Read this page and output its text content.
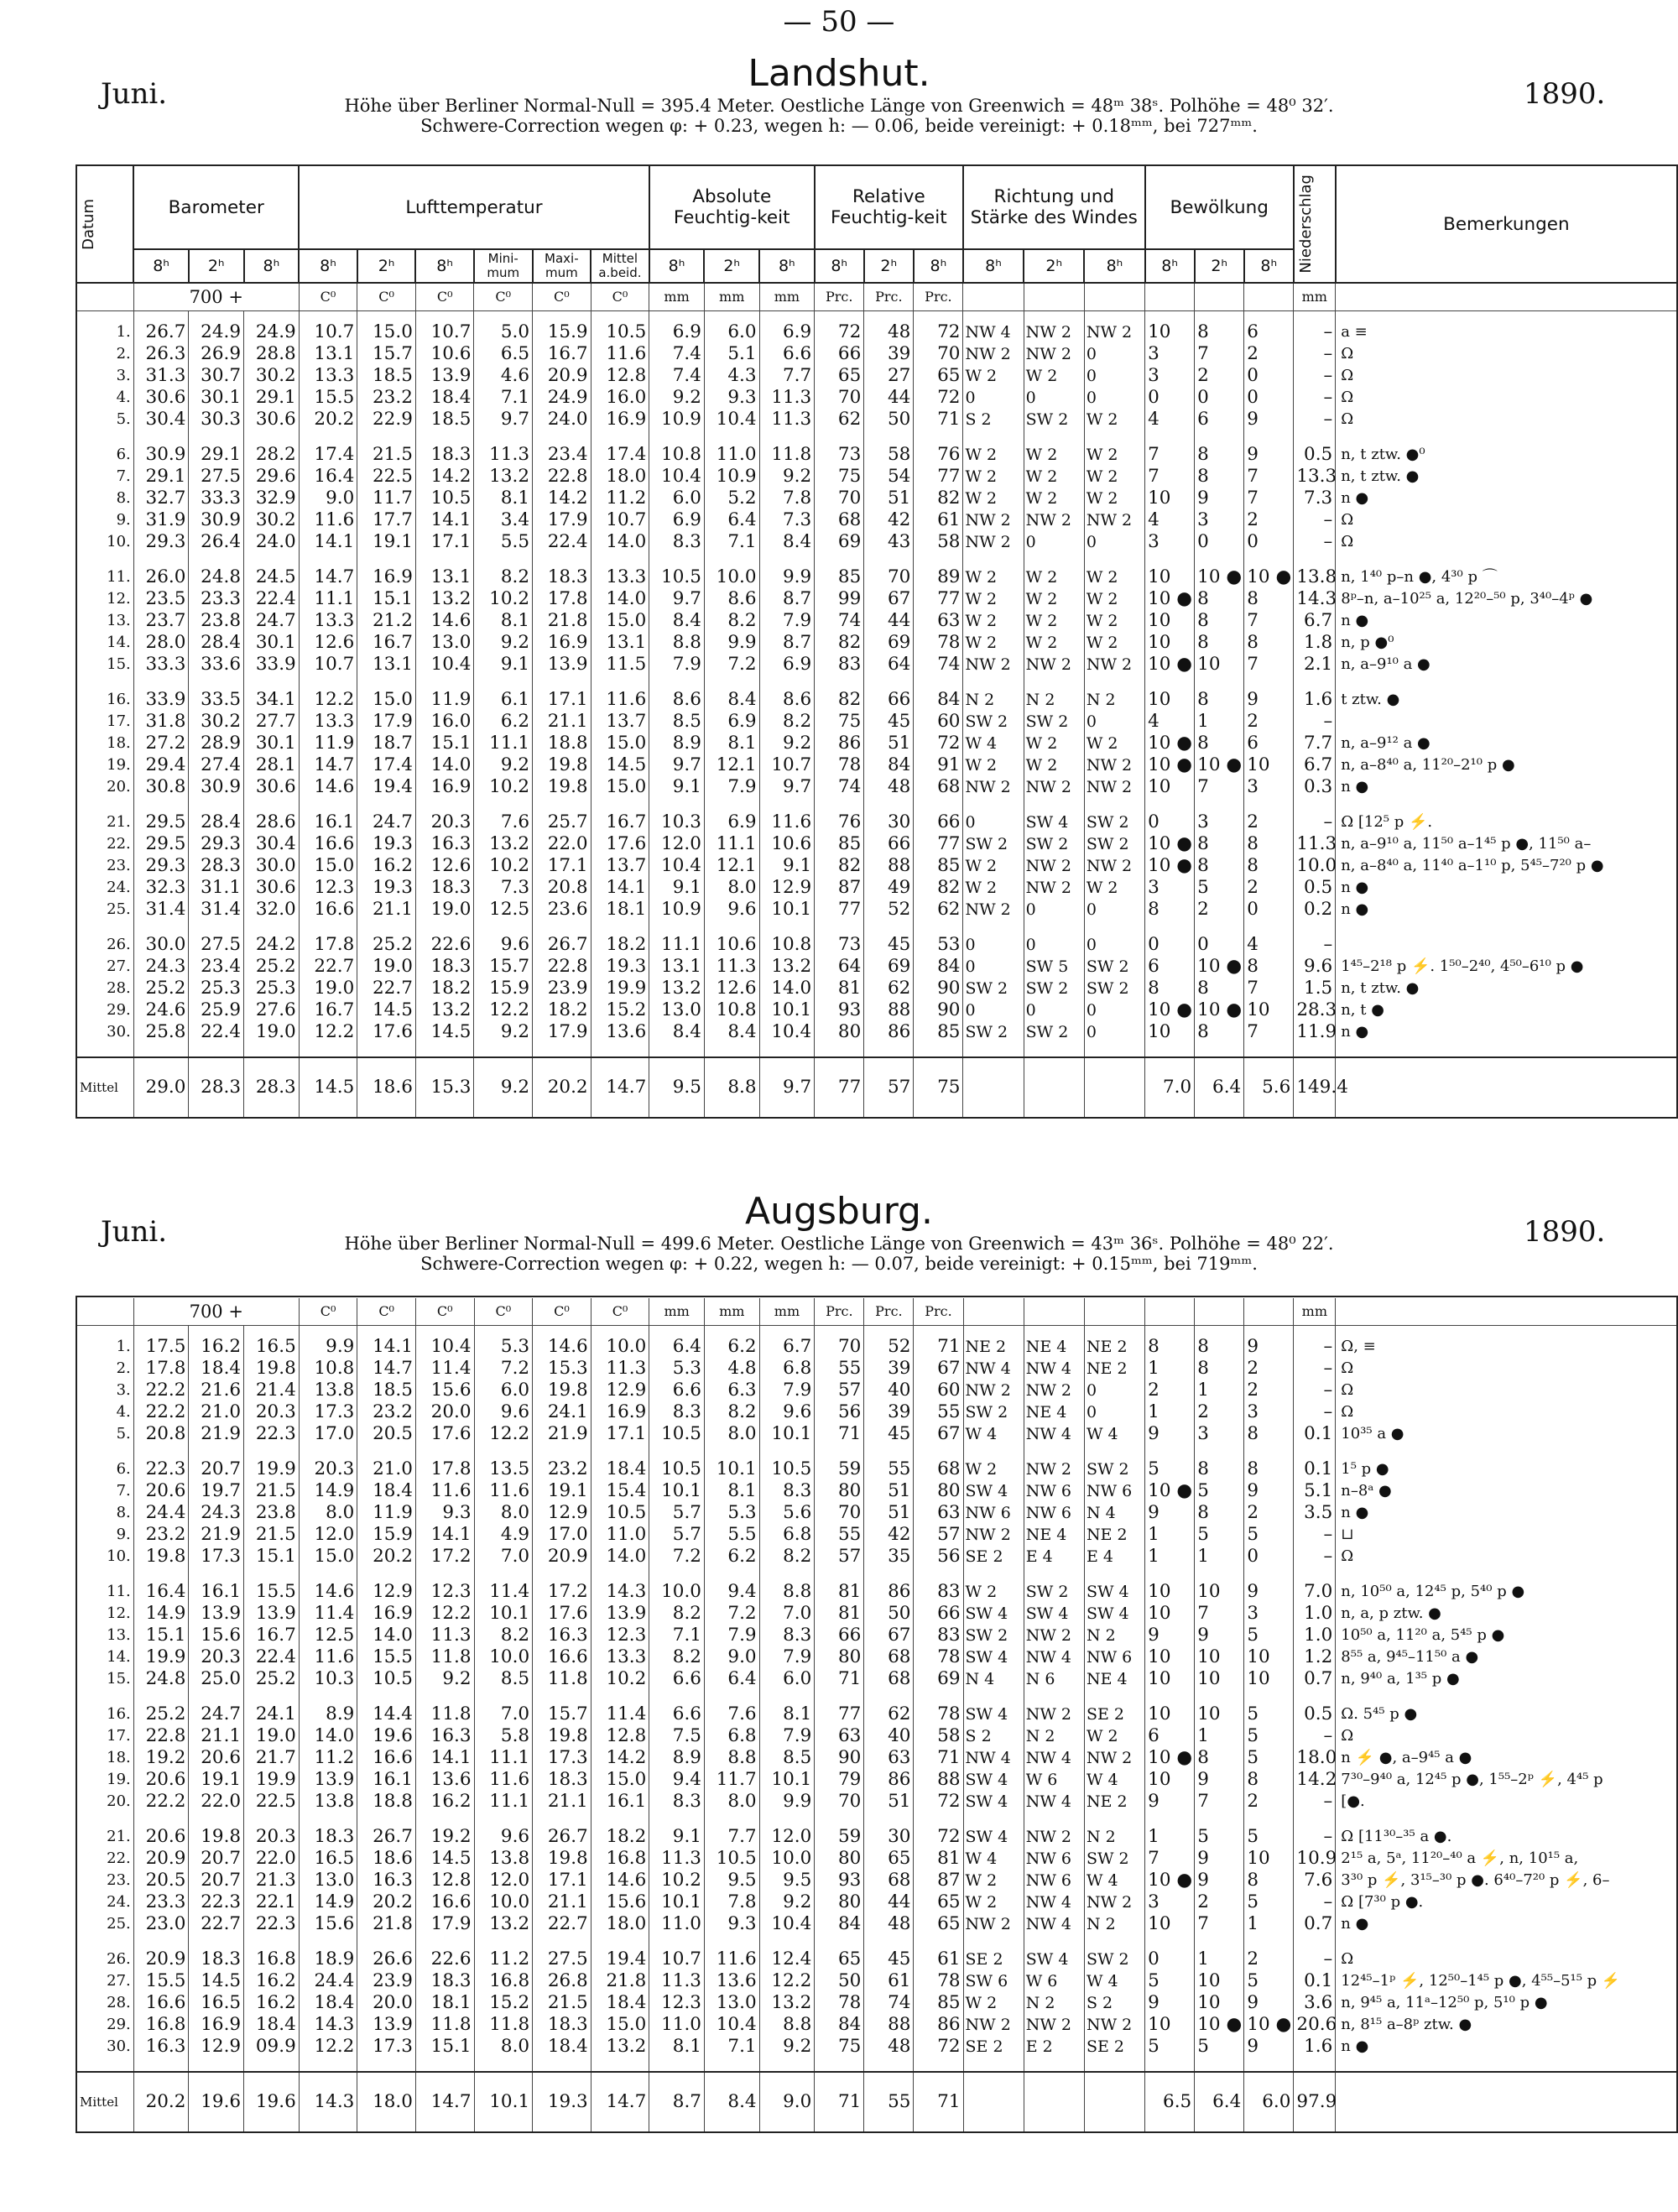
— 50 —
Landshut.
Juni.	1890.
Höhe über Berliner Normal-Null = 395.4 Meter. Oestliche Länge von Greenwich = 48ᵐ 38ˢ. Polhöhe = 48⁰ 32′.
Schwere-Correction wegen φ: + 0.23, wegen h: — 0.06, beide vereinigt: + 0.18ᵐᵐ, bei 727ᵐᵐ.
Datum	Barometer			Lufttemperatur						Absolute Feuchtig-keit			Relative Feuchtig-keit			Richtung und Stärke des Windes			Bewölkung			Niederschlag	Bemerkungen
	8ʰ	2ʰ	8ʰ	8ʰ	2ʰ	8ʰ	Mini-mum	Maxi-mum	Mittel a.beid.	8ʰ	2ʰ	8ʰ	8ʰ	2ʰ	8ʰ	8ʰ	2ʰ	8ʰ	8ʰ	2ʰ	8ʰ		
	700 +			C⁰	C⁰	C⁰	C⁰	C⁰	C⁰	mm	mm	mm	Prc.	Prc.	Prc.							mm	

1.	26.7	24.9	24.9	10.7	15.0	10.7	5.0	15.9	10.5	6.9	6.0	6.9	72	48	72	NW 4	NW 2	NW 2	10	8	6	–	a ≡
2.	26.3	26.9	28.8	13.1	15.7	10.6	6.5	16.7	11.6	7.4	5.1	6.6	66	39	70	NW 2	NW 2	0	3	7	2	–	Ω
3.	31.3	30.7	30.2	13.3	18.5	13.9	4.6	20.9	12.8	7.4	4.3	7.7	65	27	65	W 2	W 2	0	3	2	0	–	Ω
4.	30.6	30.1	29.1	15.5	23.2	18.4	7.1	24.9	16.0	9.2	9.3	11.3	70	44	72	0	0	0	0	0	0	–	Ω
5.	30.4	30.3	30.6	20.2	22.9	18.5	9.7	24.0	16.9	10.9	10.4	11.3	62	50	71	S 2	SW 2	W 2	4	6	9	–	Ω

6.	30.9	29.1	28.2	17.4	21.5	18.3	11.3	23.4	17.4	10.8	11.0	11.8	73	58	76	W 2	W 2	W 2	7	8	9	0.5	n, t ztw. ●⁰
7.	29.1	27.5	29.6	16.4	22.5	14.2	13.2	22.8	18.0	10.4	10.9	9.2	75	54	77	W 2	W 2	W 2	7	8	7	13.3	n, t ztw. ●
8.	32.7	33.3	32.9	9.0	11.7	10.5	8.1	14.2	11.2	6.0	5.2	7.8	70	51	82	W 2	W 2	W 2	10	9	7	7.3	n ●
9.	31.9	30.9	30.2	11.6	17.7	14.1	3.4	17.9	10.7	6.9	6.4	7.3	68	42	61	NW 2	NW 2	NW 2	4	3	2	–	Ω
10.	29.3	26.4	24.0	14.1	19.1	17.1	5.5	22.4	14.0	8.3	7.1	8.4	69	43	58	NW 2	0	0	3	0	0	–	Ω

11.	26.0	24.8	24.5	14.7	16.9	13.1	8.2	18.3	13.3	10.5	10.0	9.9	85	70	89	W 2	W 2	W 2	10	10 ●	10 ●	13.8	n, 1⁴⁰ p–n ●, 4³⁰ p ⌒
12.	23.5	23.3	22.4	11.1	15.1	13.2	10.2	17.8	14.0	9.7	8.6	8.7	99	67	77	W 2	W 2	W 2	10 ●	8	8	14.3	8ᵖ–n, a–10²⁵ a, 12²⁰–⁵⁰ p, 3⁴⁰–4ᵖ ●
13.	23.7	23.8	24.7	13.3	21.2	14.6	8.1	21.8	15.0	8.4	8.2	7.9	74	44	63	W 2	W 2	W 2	10	8	7	6.7	n ●
14.	28.0	28.4	30.1	12.6	16.7	13.0	9.2	16.9	13.1	8.8	9.9	8.7	82	69	78	W 2	W 2	W 2	10	8	8	1.8	n, p ●⁰
15.	33.3	33.6	33.9	10.7	13.1	10.4	9.1	13.9	11.5	7.9	7.2	6.9	83	64	74	NW 2	NW 2	NW 2	10 ●	10	7	2.1	n, a–9¹⁰ a ●

16.	33.9	33.5	34.1	12.2	15.0	11.9	6.1	17.1	11.6	8.6	8.4	8.6	82	66	84	N 2	N 2	N 2	10	8	9	1.6	t ztw. ●
17.	31.8	30.2	27.7	13.3	17.9	16.0	6.2	21.1	13.7	8.5	6.9	8.2	75	45	60	SW 2	SW 2	0	4	1	2	–	
18.	27.2	28.9	30.1	11.9	18.7	15.1	11.1	18.8	15.0	8.9	8.1	9.2	86	51	72	W 4	W 2	W 2	10 ●	8	6	7.7	n, a–9¹² a ●
19.	29.4	27.4	28.1	14.7	17.4	14.0	9.2	19.8	14.5	9.7	12.1	10.7	78	84	91	W 2	W 2	NW 2	10 ●	10 ●	10	6.7	n, a–8⁴⁰ a, 11²⁰–2¹⁰ p ●
20.	30.8	30.9	30.6	14.6	19.4	16.9	10.2	19.8	15.0	9.1	7.9	9.7	74	48	68	NW 2	NW 2	NW 2	10	7	3	0.3	n ●

21.	29.5	28.4	28.6	16.1	24.7	20.3	7.6	25.7	16.7	10.3	6.9	11.6	76	30	66	0	SW 4	SW 2	0	3	2	–	Ω [12⁵ p ⚡.
22.	29.5	29.3	30.4	16.6	19.3	16.3	13.2	22.0	17.6	12.0	11.1	10.6	85	66	77	SW 2	SW 2	SW 2	10 ●	8	8	11.3	n, a–9¹⁰ a, 11⁵⁰ a–1⁴⁵ p ●, 11⁵⁰ a–
23.	29.3	28.3	30.0	15.0	16.2	12.6	10.2	17.1	13.7	10.4	12.1	9.1	82	88	85	W 2	NW 2	NW 2	10 ●	8	8	10.0	n, a–8⁴⁰ a, 11⁴⁰ a–1¹⁰ p, 5⁴⁵–7²⁰ p ●
24.	32.3	31.1	30.6	12.3	19.3	18.3	7.3	20.8	14.1	9.1	8.0	12.9	87	49	82	W 2	NW 2	W 2	3	5	2	0.5	n ●
25.	31.4	31.4	32.0	16.6	21.1	19.0	12.5	23.6	18.1	10.9	9.6	10.1	77	52	62	NW 2	0	0	8	2	0	0.2	n ●

26.	30.0	27.5	24.2	17.8	25.2	22.6	9.6	26.7	18.2	11.1	10.6	10.8	73	45	53	0	0	0	0	0	4	–	
27.	24.3	23.4	25.2	22.7	19.0	18.3	15.7	22.8	19.3	13.1	11.3	13.2	64	69	84	0	SW 5	SW 2	6	10 ●	8	9.6	1⁴⁵–2¹⁸ p ⚡. 1⁵⁰–2⁴⁰, 4⁵⁰–6¹⁰ p ●
28.	25.2	25.3	25.3	19.0	22.7	18.2	15.9	23.9	19.9	13.2	12.6	14.0	81	62	90	SW 2	SW 2	SW 2	8	8	7	1.5	n, t ztw. ●
29.	24.6	25.9	27.6	16.7	14.5	13.2	12.2	18.2	15.2	13.0	10.8	10.1	93	88	90	0	0	0	10 ●	10 ●	10	28.3	n, t ●
30.	25.8	22.4	19.0	12.2	17.6	14.5	9.2	17.9	13.6	8.4	8.4	10.4	80	86	85	SW 2	SW 2	0	10	8	7	11.9	n ●

Mittel	29.0	28.3	28.3	14.5	18.6	15.3	9.2	20.2	14.7	9.5	8.8	9.7	77	57	75				7.0	6.4	5.6	149.4	
Augsburg.
Juni.	1890.
Höhe über Berliner Normal-Null = 499.6 Meter. Oestliche Länge von Greenwich = 43ᵐ 36ˢ. Polhöhe = 48⁰ 22′.
Schwere-Correction wegen φ: + 0.22, wegen h: — 0.07, beide vereinigt: + 0.15ᵐᵐ, bei 719ᵐᵐ.

	700 +			C⁰	C⁰	C⁰	C⁰	C⁰	C⁰	mm	mm	mm	Prc.	Prc.	Prc.							mm	

1.	17.5	16.2	16.5	9.9	14.1	10.4	5.3	14.6	10.0	6.4	6.2	6.7	70	52	71	NE 2	NE 4	NE 2	8	8	9	–	Ω, ≡
2.	17.8	18.4	19.8	10.8	14.7	11.4	7.2	15.3	11.3	5.3	4.8	6.8	55	39	67	NW 4	NW 4	NE 2	1	8	2	–	Ω
3.	22.2	21.6	21.4	13.8	18.5	15.6	6.0	19.8	12.9	6.6	6.3	7.9	57	40	60	NW 2	NW 2	0	2	1	2	–	Ω
4.	22.2	21.0	20.3	17.3	23.2	20.0	9.6	24.1	16.9	8.3	8.2	9.6	56	39	55	SW 2	NE 4	0	1	2	3	–	Ω
5.	20.8	21.9	22.3	17.0	20.5	17.6	12.2	21.9	17.1	10.5	8.0	10.1	71	45	67	W 4	NW 4	W 4	9	3	8	0.1	10³⁵ a ●

6.	22.3	20.7	19.9	20.3	21.0	17.8	13.5	23.2	18.4	10.5	10.1	10.5	59	55	68	W 2	NW 2	SW 2	5	8	8	0.1	1⁵ p ●
7.	20.6	19.7	21.5	14.9	18.4	11.6	11.6	19.1	15.4	10.1	8.1	8.3	80	51	80	SW 4	NW 6	NW 6	10 ●	5	9	5.1	n–8ᵃ ●
8.	24.4	24.3	23.8	8.0	11.9	9.3	8.0	12.9	10.5	5.7	5.3	5.6	70	51	63	NW 6	NW 6	N 4	9	8	2	3.5	n ●
9.	23.2	21.9	21.5	12.0	15.9	14.1	4.9	17.0	11.0	5.7	5.5	6.8	55	42	57	NW 2	NE 4	NE 2	1	5	5	–	⊔
10.	19.8	17.3	15.1	15.0	20.2	17.2	7.0	20.9	14.0	7.2	6.2	8.2	57	35	56	SE 2	E 4	E 4	1	1	0	–	Ω

11.	16.4	16.1	15.5	14.6	12.9	12.3	11.4	17.2	14.3	10.0	9.4	8.8	81	86	83	W 2	SW 2	SW 4	10	10	9	7.0	n, 10⁵⁰ a, 12⁴⁵ p, 5⁴⁰ p ●
12.	14.9	13.9	13.9	11.4	16.9	12.2	10.1	17.6	13.9	8.2	7.2	7.0	81	50	66	SW 4	SW 4	SW 4	10	7	3	1.0	n, a, p ztw. ●
13.	15.1	15.6	16.7	12.5	14.0	11.3	8.2	16.3	12.3	7.1	7.9	8.3	66	67	83	SW 2	NW 2	N 2	9	9	5	1.0	10⁵⁰ a, 11²⁰ a, 5⁴⁵ p ●
14.	19.9	20.3	22.4	11.6	15.5	11.8	10.0	16.6	13.3	8.2	9.0	7.9	80	68	78	SW 4	NW 4	NW 6	10	10	10	1.2	8⁵⁵ a, 9⁴⁵–11⁵⁰ a ●
15.	24.8	25.0	25.2	10.3	10.5	9.2	8.5	11.8	10.2	6.6	6.4	6.0	71	68	69	N 4	N 6	NE 4	10	10	10	0.7	n, 9⁴⁰ a, 1³⁵ p ●

16.	25.2	24.7	24.1	8.9	14.4	11.8	7.0	15.7	11.4	6.6	7.6	8.1	77	62	78	SW 4	NW 2	SE 2	10	10	5	0.5	Ω. 5⁴⁵ p ●
17.	22.8	21.1	19.0	14.0	19.6	16.3	5.8	19.8	12.8	7.5	6.8	7.9	63	40	58	S 2	N 2	W 2	6	1	5	–	Ω
18.	19.2	20.6	21.7	11.2	16.6	14.1	11.1	17.3	14.2	8.9	8.8	8.5	90	63	71	NW 4	NW 4	NW 2	10 ●	8	5	18.0	n ⚡ ●, a–9⁴⁵ a ●
19.	20.6	19.1	19.9	13.9	16.1	13.6	11.6	18.3	15.0	9.4	11.7	10.1	79	86	88	SW 4	W 6	W 4	10	9	8	14.2	7³⁰–9⁴⁰ a, 12⁴⁵ p ●, 1⁵⁵–2ᵖ ⚡, 4⁴⁵ p
20.	22.2	22.0	22.5	13.8	18.8	16.2	11.1	21.1	16.1	8.3	8.0	9.9	70	51	72	SW 4	NW 4	NE 2	9	7	2	–	[●.

21.	20.6	19.8	20.3	18.3	26.7	19.2	9.6	26.7	18.2	9.1	7.7	12.0	59	30	72	SW 4	NW 2	N 2	1	5	5	–	Ω [11³⁰–³⁵ a ●.
22.	20.9	20.7	22.0	16.5	18.6	14.5	13.8	19.8	16.8	11.3	10.5	10.0	80	65	81	W 4	NW 6	SW 2	7	9	10	10.9	2¹⁵ a, 5ᵃ, 11²⁰–⁴⁰ a ⚡, n, 10¹⁵ a,
23.	20.5	20.7	21.3	13.0	16.3	12.8	12.0	17.1	14.6	10.2	9.5	9.5	93	68	87	W 2	NW 6	W 4	10 ●	9	8	7.6	3³⁰ p ⚡, 3¹⁵–³⁰ p ●. 6⁴⁰–7²⁰ p ⚡, 6–
24.	23.3	22.3	22.1	14.9	20.2	16.6	10.0	21.1	15.6	10.1	7.8	9.2	80	44	65	W 2	NW 4	NW 2	3	2	5	–	Ω [7³⁰ p ●.
25.	23.0	22.7	22.3	15.6	21.8	17.9	13.2	22.7	18.0	11.0	9.3	10.4	84	48	65	NW 2	NW 4	N 2	10	7	1	0.7	n ●

26.	20.9	18.3	16.8	18.9	26.6	22.6	11.2	27.5	19.4	10.7	11.6	12.4	65	45	61	SE 2	SW 4	SW 2	0	1	2	–	Ω
27.	15.5	14.5	16.2	24.4	23.9	18.3	16.8	26.8	21.8	11.3	13.6	12.2	50	61	78	SW 6	W 6	W 4	5	10	5	0.1	12⁴⁵–1ᵖ ⚡, 12⁵⁰–1⁴⁵ p ●, 4⁵⁵–5¹⁵ p ⚡
28.	16.6	16.5	16.2	18.4	20.0	18.1	15.2	21.5	18.4	12.3	13.0	13.2	78	74	85	W 2	N 2	S 2	9	10	9	3.6	n, 9⁴⁵ a, 11ᵃ–12⁵⁰ p, 5¹⁰ p ●
29.	16.8	16.9	18.4	14.3	13.9	11.8	11.8	18.3	15.0	11.0	10.4	8.8	84	88	86	NW 2	NW 2	NW 2	10	10 ●	10 ●	20.6	n, 8¹⁵ a–8ᵖ ztw. ●
30.	16.3	12.9	09.9	12.2	17.3	15.1	8.0	18.4	13.2	8.1	7.1	9.2	75	48	72	SE 2	E 2	SE 2	5	5	9	1.6	n ●

Mittel	20.2	19.6	19.6	14.3	18.0	14.7	10.1	19.3	14.7	8.7	8.4	9.0	71	55	71				6.5	6.4	6.0	97.9	
